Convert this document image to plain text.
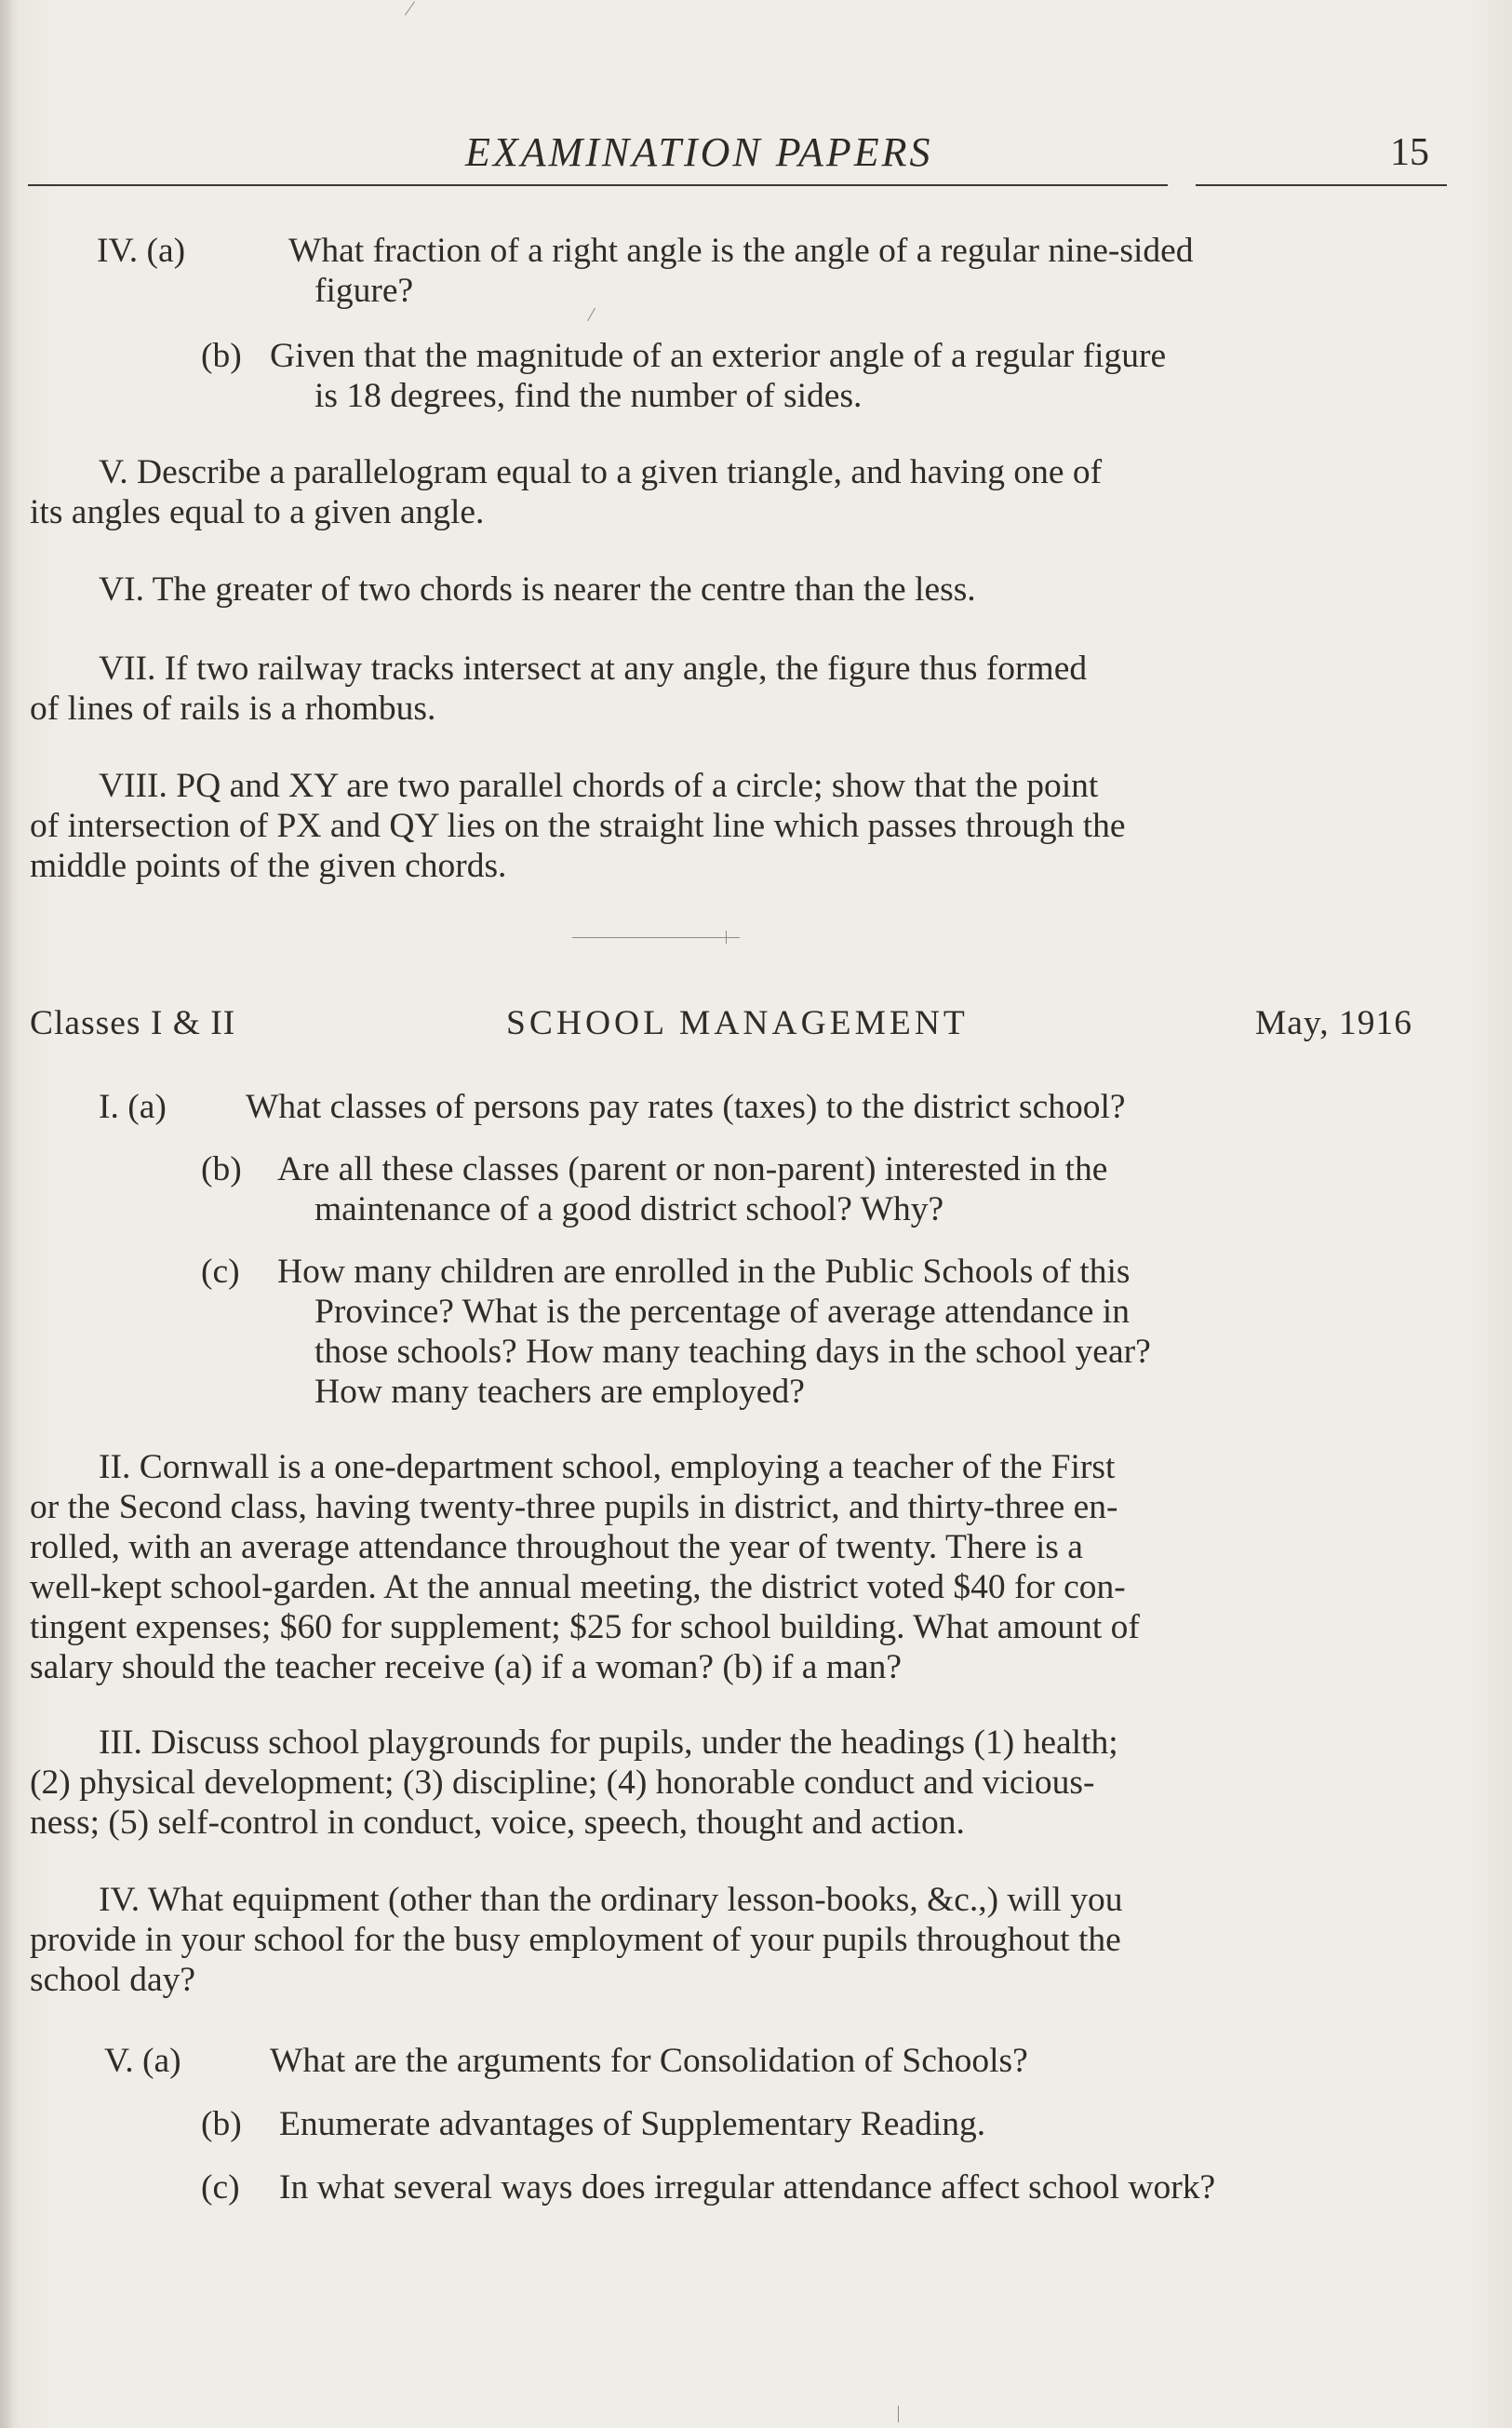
EXAMINATION PAPERS	15
IV. (a)	What fraction of a right angle is the angle of a regular nine-sided
figure?
(b) Given that the magnitude of an exterior angle of a regular figure
is 18 degrees, find the number of sides.
V. Describe a parallelogram equal to a given triangle, and having one of
its angles equal to a given angle.
VI. The greater of two chords is nearer the centre than the less.
VII. If two railway tracks intersect at any angle, the figure thus formed
of lines of rails is a rhombus.
VIII. PQ and XY are two parallel chords of a circle; show that the point
of intersection of PX and QY lies on the straight line which passes through the
middle points of the given chords.
Classes I & II	SCHOOL MANAGEMENT	May, 1916
I. (a) What classes of persons pay rates (taxes) to the district school?
(b) Are all these classes (parent or non-parent) interested in the
maintenance of a good district school? Why?
(c) How many children are enrolled in the Public Schools of this
Province? What is the percentage of average attendance in
those schools? How many teaching days in the school year?
How many teachers are employed?
II. Cornwall is a one-department school, employing a teacher of the First
or the Second class, having twenty-three pupils in district, and thirty-three en-
rolled, with an average attendance throughout the year of twenty. There is a
well-kept school-garden. At the annual meeting, the district voted $40 for con-
tingent expenses; $60 for supplement; $25 for school building. What amount of
salary should the teacher receive (a) if a woman? (b) if a man?
III. Discuss school playgrounds for pupils, under the headings (1) health;
(2) physical development; (3) discipline; (4) honorable conduct and vicious-
ness; (5) self-control in conduct, voice, speech, thought and action.
IV. What equipment (other than the ordinary lesson-books, &c.,) will you
provide in your school for the busy employment of your pupils throughout the
school day?
V. (a)	What are the arguments for Consolidation of Schools?
(b) Enumerate advantages of Supplementary Reading.
(c) In what several ways does irregular attendance affect school work?
